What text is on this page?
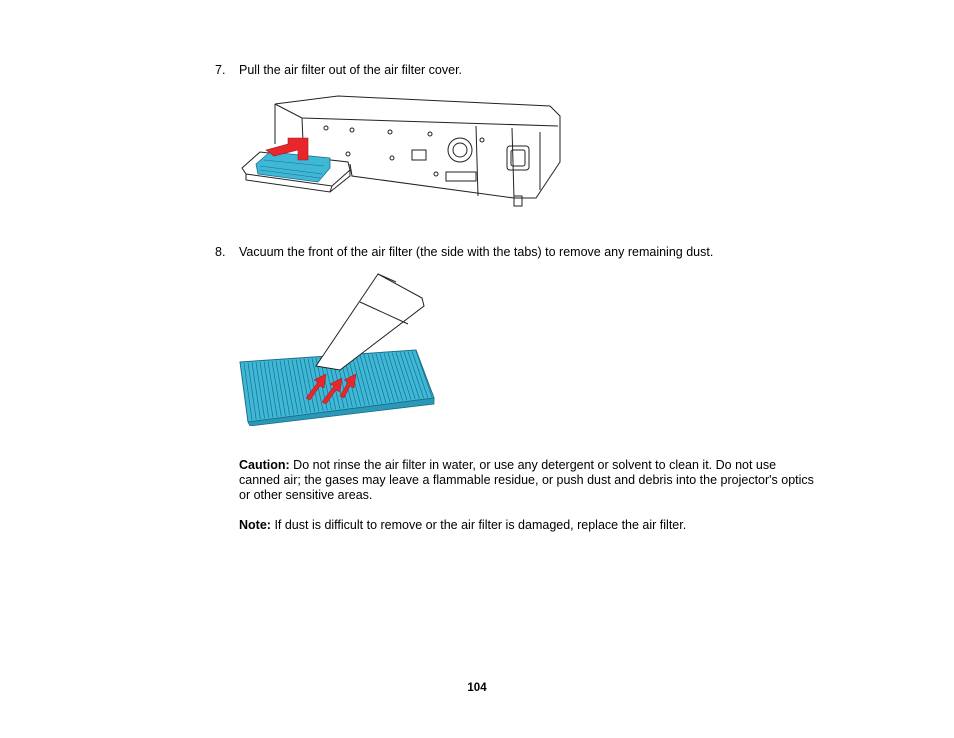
7.	Pull the air filter out of the air filter cover.
8.	Vacuum the front of the air filter (the side with the tabs) to remove any remaining dust.
Caution: Do not rinse the air filter in water, or use any detergent or solvent to clean it. Do not use canned air; the gases may leave a flammable residue, or push dust and debris into the projector's optics or other sensitive areas.
Note: If dust is difficult to remove or the air filter is damaged, replace the air filter.
104
